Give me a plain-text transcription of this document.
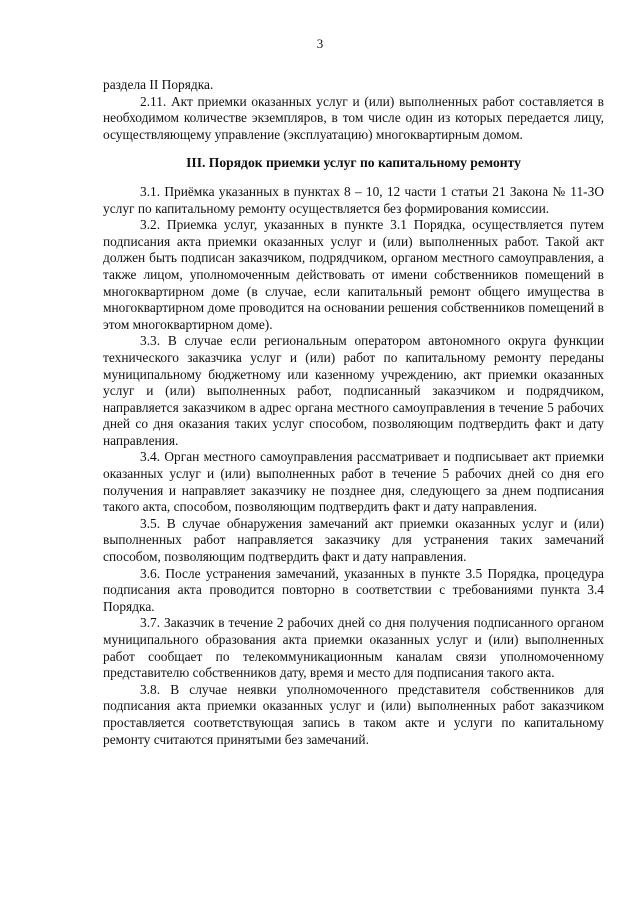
3

раздела II Порядка.

2.11. Акт приемки оказанных услуг и (или) выполненных работ составляется в необходимом количестве экземпляров, в том числе один из которых передается лицу, осуществляющему управление (эксплуатацию) многоквартирным домом.

III. Порядок приемки услуг по капитальному ремонту

3.1. Приёмка указанных в пунктах 8 – 10, 12 части 1 статьи 21 Закона № 11-ЗО услуг по капитальному ремонту осуществляется без формирования комиссии.

3.2. Приемка услуг, указанных в пункте 3.1 Порядка, осуществляется путем подписания акта приемки оказанных услуг и (или) выполненных работ. Такой акт должен быть подписан заказчиком, подрядчиком, органом местного самоуправления, а также лицом, уполномоченным действовать от имени собственников помещений в многоквартирном доме (в случае, если капитальный ремонт общего имущества в многоквартирном доме проводится на основании решения собственников помещений в этом многоквартирном доме).

3.3. В случае если региональным оператором автономного округа функции технического заказчика услуг и (или) работ по капитальному ремонту переданы муниципальному бюджетному или казенному учреждению, акт приемки оказанных услуг и (или) выполненных работ, подписанный заказчиком и подрядчиком, направляется заказчиком в адрес органа местного самоуправления в течение 5 рабочих дней со дня оказания таких услуг способом, позволяющим подтвердить факт и дату направления.

3.4. Орган местного самоуправления рассматривает и подписывает акт приемки оказанных услуг и (или) выполненных работ в течение 5 рабочих дней со дня его получения и направляет заказчику не позднее дня, следующего за днем подписания такого акта, способом, позволяющим подтвердить факт и дату направления.

3.5. В случае обнаружения замечаний акт приемки оказанных услуг и (или) выполненных работ направляется заказчику для устранения таких замечаний способом, позволяющим подтвердить факт и дату направления.

3.6. После устранения замечаний, указанных в пункте 3.5 Порядка, процедура подписания акта проводится повторно в соответствии с требованиями пункта 3.4 Порядка.

3.7. Заказчик в течение 2 рабочих дней со дня получения подписанного органом муниципального образования акта приемки оказанных услуг и (или) выполненных работ сообщает по телекоммуникационным каналам связи уполномоченному представителю собственников дату, время и место для подписания такого акта.

3.8. В случае неявки уполномоченного представителя собственников для подписания акта приемки оказанных услуг и (или) выполненных работ заказчиком проставляется соответствующая запись в таком акте и услуги по капитальному ремонту считаются принятыми без замечаний.
